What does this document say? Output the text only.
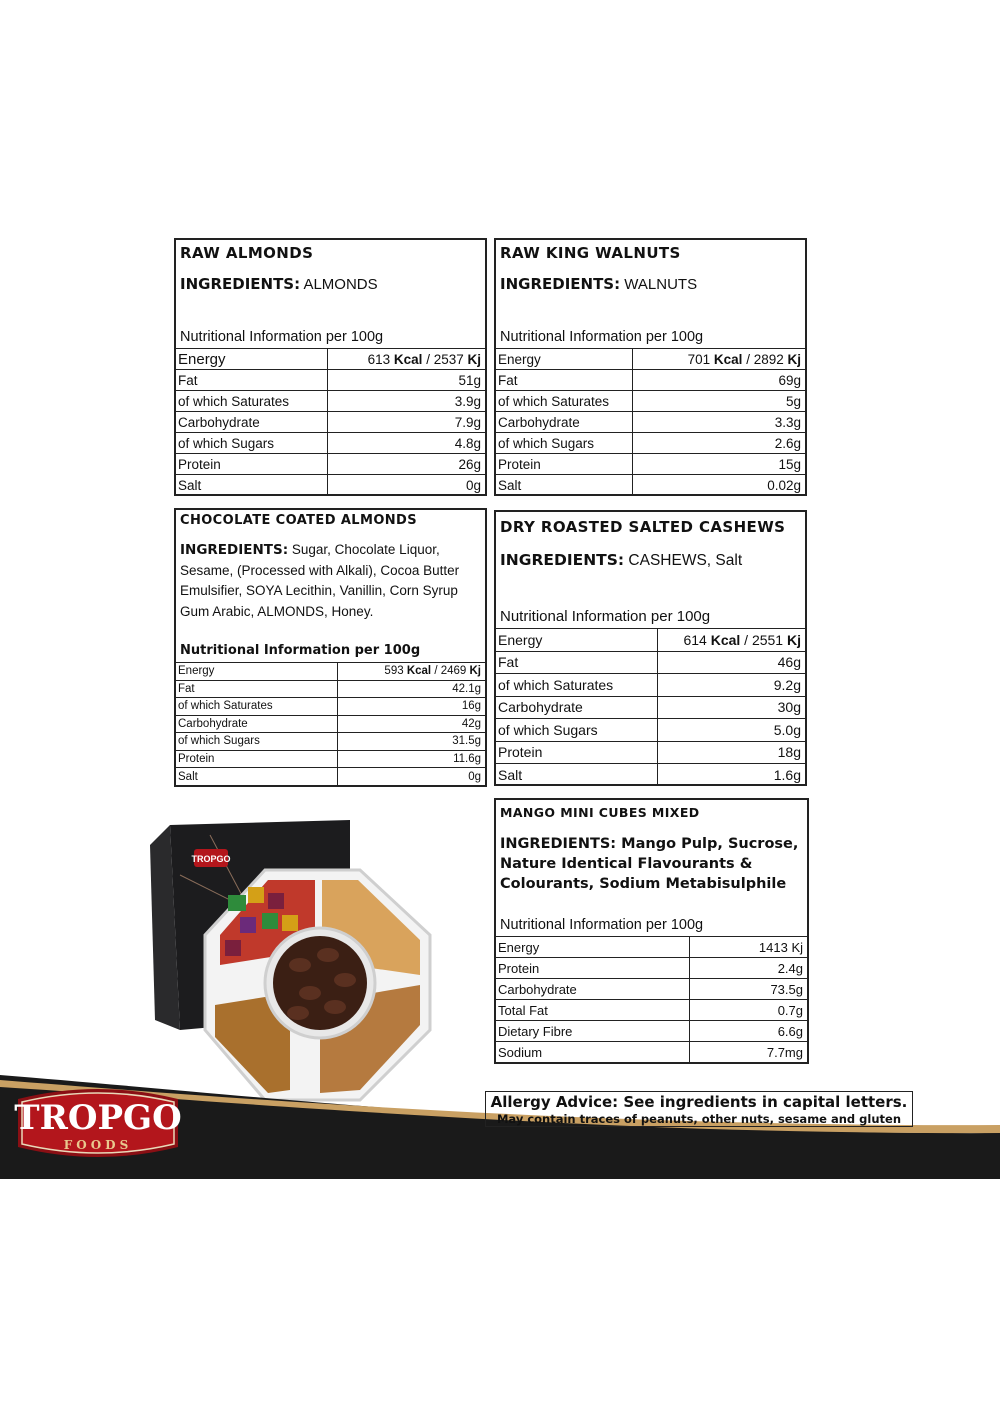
RAW ALMONDS
INGREDIENTS: ALMONDS
Nutritional Information per 100g
Energy	613 Kcal / 2537 Kj
Fat	51g
of which Saturates	3.9g
Carbohydrate	7.9g
of which Sugars	4.8g
Protein	26g
Salt	0g
RAW KING WALNUTS
INGREDIENTS: WALNUTS
Nutritional Information per 100g
Energy	701 Kcal / 2892 Kj
Fat	69g
of which Saturates	5g
Carbohydrate	3.3g
of which Sugars	2.6g
Protein	15g
Salt	0.02g
CHOCOLATE COATED ALMONDS
INGREDIENTS: Sugar, Chocolate Liquor, Sesame, (Processed with Alkali), Cocoa Butter Emulsifier, SOYA Lecithin, Vanillin, Corn Syrup Gum Arabic, ALMONDS, Honey.
Nutritional Information per 100g
Energy	593 Kcal / 2469 Kj
Fat	42.1g
of which Saturates	16g
Carbohydrate	42g
of which Sugars	31.5g
Protein	11.6g
Salt	0g
DRY ROASTED SALTED CASHEWS
INGREDIENTS: CASHEWS, Salt
Nutritional Information per 100g
Energy	614 Kcal / 2551 Kj
Fat	46g
of which Saturates	9.2g
Carbohydrate	30g
of which Sugars	5.0g
Protein	18g
Salt	1.6g
MANGO MINI CUBES MIXED
INGREDIENTS: Mango Pulp, Sucrose, Nature Identical Flavourants & Colourants, Sodium Metabisulphile
Nutritional Information per 100g
Energy	1413 Kj
Protein	2.4g
Carbohydrate	73.5g
Total Fat	0.7g
Dietary Fibre	6.6g
Sodium	7.7mg
TROPGO
TROPGO
FOODS
Allergy Advice: See ingredients in capital letters.
May contain traces of peanuts, other nuts, sesame and gluten
